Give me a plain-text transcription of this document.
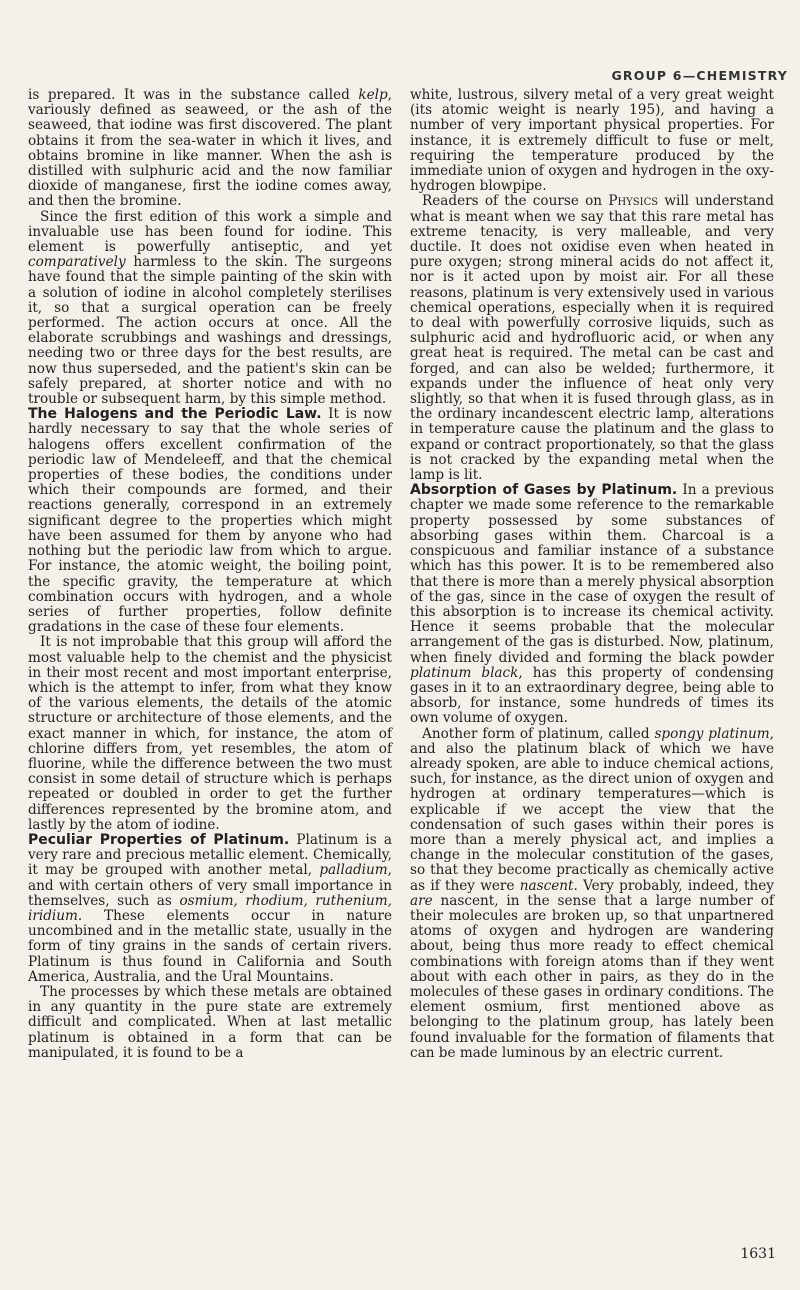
GROUP 6—CHEMISTRY

is prepared. It was in the substance called kelp, variously defined as seaweed, or the ash of the seaweed, that iodine was first discovered. The plant obtains it from the sea-water in which it lives, and obtains bromine in like manner. When the ash is distilled with sulphuric acid and the now familiar dioxide of manganese, first the iodine comes away, and then the bromine.

Since the first edition of this work a simple and invaluable use has been found for iodine. This element is powerfully antiseptic, and yet comparatively harmless to the skin. The surgeons have found that the simple painting of the skin with a solution of iodine in alcohol completely sterilises it, so that a surgical operation can be freely performed. The action occurs at once. All the elaborate scrubbings and washings and dressings, needing two or three days for the best results, are now thus superseded, and the patient's skin can be safely prepared, at shorter notice and with no trouble or subsequent harm, by this simple method.

The Halogens and the Periodic Law. It is now hardly necessary to say that the whole series of halogens offers excellent confirmation of the periodic law of Mendeleeff, and that the chemical properties of these bodies, the conditions under which their compounds are formed, and their reactions generally, correspond in an extremely significant degree to the properties which might have been assumed for them by anyone who had nothing but the periodic law from which to argue. For instance, the atomic weight, the boiling point, the specific gravity, the temperature at which combination occurs with hydrogen, and a whole series of further properties, follow definite gradations in the case of these four elements.

It is not improbable that this group will afford the most valuable help to the chemist and the physicist in their most recent and most important enterprise, which is the attempt to infer, from what they know of the various elements, the details of the atomic structure or architecture of those elements, and the exact manner in which, for instance, the atom of chlorine differs from, yet resembles, the atom of fluorine, while the difference between the two must consist in some detail of structure which is perhaps repeated or doubled in order to get the further differences represented by the bromine atom, and lastly by the atom of iodine.

Peculiar Properties of Platinum. Platinum is a very rare and precious metallic element. Chemically, it may be grouped with another metal, palladium, and with certain others of very small importance in themselves, such as osmium, rhodium, ruthenium, iridium. These elements occur in nature uncombined and in the metallic state, usually in the form of tiny grains in the sands of certain rivers. Platinum is thus found in California and South America, Australia, and the Ural Mountains.

The processes by which these metals are obtained in any quantity in the pure state are extremely difficult and complicated. When at last metallic platinum is obtained in a form that can be manipulated, it is found to be a

white, lustrous, silvery metal of a very great weight (its atomic weight is nearly 195), and having a number of very important physical properties. For instance, it is extremely difficult to fuse or melt, requiring the temperature produced by the immediate union of oxygen and hydrogen in the oxy-hydrogen blowpipe.

Readers of the course on Physics will understand what is meant when we say that this rare metal has extreme tenacity, is very malleable, and very ductile. It does not oxidise even when heated in pure oxygen; strong mineral acids do not affect it, nor is it acted upon by moist air. For all these reasons, platinum is very extensively used in various chemical operations, especially when it is required to deal with powerfully corrosive liquids, such as sulphuric acid and hydrofluoric acid, or when any great heat is required. The metal can be cast and forged, and can also be welded; furthermore, it expands under the influence of heat only very slightly, so that when it is fused through glass, as in the ordinary incandescent electric lamp, alterations in temperature cause the platinum and the glass to expand or contract proportionately, so that the glass is not cracked by the expanding metal when the lamp is lit.

Absorption of Gases by Platinum. In a previous chapter we made some reference to the remarkable property possessed by some substances of absorbing gases within them. Charcoal is a conspicuous and familiar instance of a substance which has this power. It is to be remembered also that there is more than a merely physical absorption of the gas, since in the case of oxygen the result of this absorption is to increase its chemical activity. Hence it seems probable that the molecular arrangement of the gas is disturbed. Now, platinum, when finely divided and forming the black powder platinum black, has this property of condensing gases in it to an extraordinary degree, being able to absorb, for instance, some hundreds of times its own volume of oxygen.

Another form of platinum, called spongy platinum, and also the platinum black of which we have already spoken, are able to induce chemical actions, such, for instance, as the direct union of oxygen and hydrogen at ordinary temperatures—which is explicable if we accept the view that the condensation of such gases within their pores is more than a merely physical act, and implies a change in the molecular constitution of the gases, so that they become practically as chemically active as if they were nascent. Very probably, indeed, they are nascent, in the sense that a large number of their molecules are broken up, so that unpartnered atoms of oxygen and hydrogen are wandering about, being thus more ready to effect chemical combinations with foreign atoms than if they went about with each other in pairs, as they do in the molecules of these gases in ordinary conditions. The element osmium, first mentioned above as belonging to the platinum group, has lately been found invaluable for the formation of filaments that can be made luminous by an electric current.

1631
